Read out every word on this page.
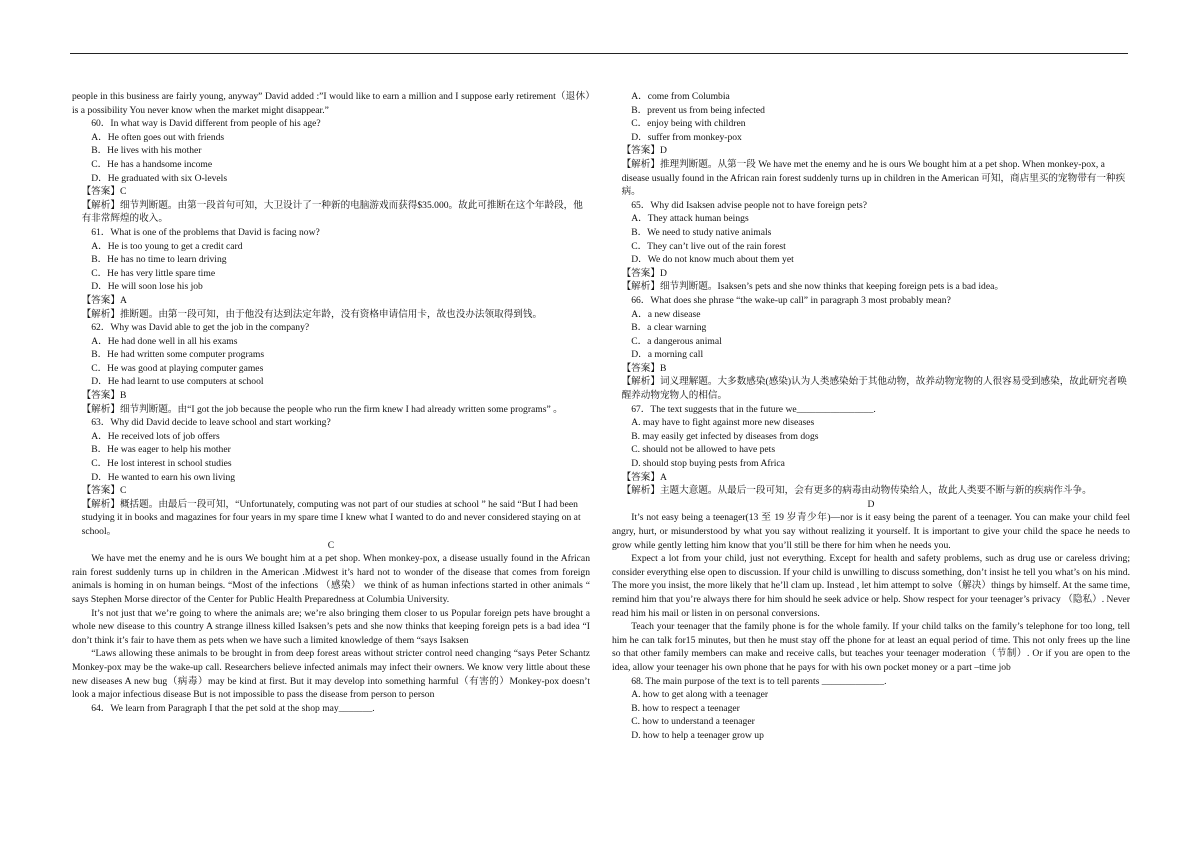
people in this business are fairly young, anyway” David added :”I would like to earn a million and I suppose early retirement（退休）is a possibility You never know when the market might disappear.”

60．In what way is David different from people of his age?

A．He often goes out with friends

B．He lives with his mother

C．He has a handsome income

D．He graduated with six O-levels

【答案】C

【解析】细节判断题。由第一段首句可知，大卫设计了一种新的电脑游戏而获得$35.000。故此可推断在这个年龄段，他有非常辉煌的收入。

61．What is one of the problems that David is facing now?

A．He is too young to get a credit card

B．He has no time to learn driving

C．He has very little spare time

D．He will soon lose his job

【答案】A

【解析】推断题。由第一段可知，由于他没有达到法定年龄，没有资格申请信用卡，故也没办法领取得到钱。

62．Why was David able to get the job in the company?

A．He had done well in all his exams

B．He had written some computer programs

C．He was good at playing computer games

D．He had learnt to use computers at school

【答案】B

【解析】细节判断题。由“I got the job because the people who run the firm knew I had already written some programs” 。

63．Why did David decide to leave school and start working?

A．He received lots of job offers

B．He was eager to help his mother

C．He lost interest in school studies

D．He wanted to earn his own living

【答案】C

【解析】概括题。由最后一段可知，“Unfortunately, computing was not part of our studies at school ” he said “But I had been studying it in books and magazines for four years in my spare time I knew what I wanted to do and never considered staying on at school。

C

We have met the enemy and he is ours We bought him at a pet shop. When monkey-pox, a disease usually found in the African rain forest suddenly turns up in children in the American .Midwest it’s hard not to wonder of the disease that comes from foreign animals is homing in on human beings. “Most of the infections （感染） we think of as human infections started in other animals “ says Stephen Morse director of the Center for Public Health Preparedness at Columbia University.

It’s not just that we’re going to where the animals are; we’re also bringing them closer to us Popular foreign pets have brought a whole new disease to this country A strange illness killed Isaksen’s pets and she now thinks that keeping foreign pets is a bad idea “I don’t think it’s fair to have them as pets when we have such a limited knowledge of them “says Isaksen

“Laws allowing these animals to be brought in from deep forest areas without stricter control need changing “says Peter Schantz Monkey-pox may be the wake-up call. Researchers believe infected animals may infect their owners. We know very little about these new diseases A new bug（病毒）may be kind at first. But it may develop into something harmful（有害的）Monkey-pox doesn’t look a major infectious disease But is not impossible to pass the disease from person to person

64．We learn from Paragraph I that the pet sold at the shop may_______.

A．come from Columbia

B．prevent us from being infected

C．enjoy being with children

D．suffer from monkey-pox

【答案】D

【解析】推理判断题。从第一段 We have met the enemy and he is ours We bought him at a pet shop. When monkey-pox, a disease usually found in the African rain forest suddenly turns up in children in the American 可知，商店里买的宠物带有一种疾病。

65．Why did Isaksen advise people not to have foreign pets?

A．They attack human beings

B．We need to study native animals

C．They can’t live out of the rain forest

D．We do not know much about them yet

【答案】D

【解析】细节判断题。Isaksen’s pets and she now thinks that keeping foreign pets is a bad idea。

66．What does she phrase “the wake-up call” in paragraph 3 most probably mean?

A．a new disease

B．a clear warning

C．a dangerous animal

D．a morning call

【答案】B

【解析】词义理解题。大多数感染(感染)认为人类感染始于其他动物，故养动物宠物的人很容易受到感染，故此研究者唤醒养动物宠物人的相信。

67．The text suggests that in the future we________________.

A. may have to fight against more new diseases

B. may easily get infected by diseases from dogs

C. should not be allowed to have pets

D. should stop buying pests from Africa

【答案】A

【解析】主题大意题。从最后一段可知，会有更多的病毒由动物传染给人，故此人类要不断与新的疾病作斗争。

D

It’s not easy being a teenager(13 至 19 岁青少年)—nor is it easy being the parent of a teenager. You can make your child feel angry, hurt, or misunderstood by what you say without realizing it yourself. It is important to give your child the space he needs to grow while gently letting him know that you’ll still be there for him when he needs you.

Expect a lot from your child, just not everything. Except for health and safety problems, such as drug use or careless driving; consider everything else open to discussion. If your child is unwilling to discuss something, don’t insist he tell you what’s on his mind. The more you insist, the more likely that he’ll clam up. Instead , let him attempt to solve（解决）things by himself. At the same time, remind him that you’re always there for him should he seek advice or help. Show respect for your teenager’s privacy （隐私）. Never read him his mail or listen in on personal conversions.

Teach your teenager that the family phone is for the whole family. If your child talks on the family’s telephone for too long, tell him he can talk for15 minutes, but then he must stay off the phone for at least an equal period of time. This not only frees up the line so that other family members can make and receive calls, but teaches your teenager moderation（节制）. Or if you are open to the idea, allow your teenager his own phone that he pays for with his own pocket money or a part –time job

68. The main purpose of the text is to tell parents _____________.

A. how to get along with a teenager

B. how to respect a teenager

C. how to understand a teenager

D. how to help a teenager grow up
